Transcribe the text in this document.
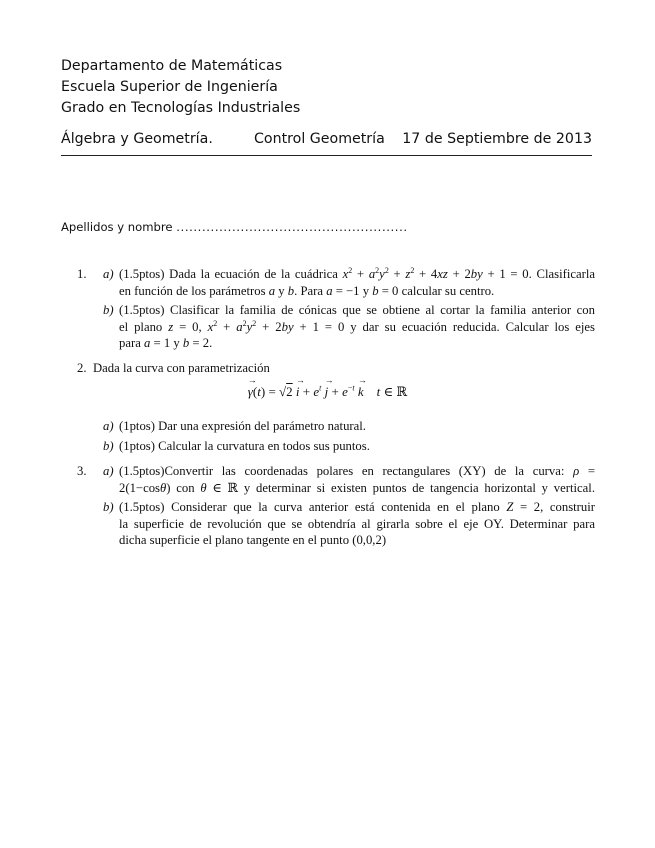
Departamento de Matemáticas
Escuela Superior de Ingeniería
Grado en Tecnologías Industriales
Álgebra y Geometría.	Control Geometría 17 de Septiembre de 2013
Apellidos y nombre ......................................................
1. a) (1.5ptos) Dada la ecuación de la cuádrica $x^2 + a^2y^2 + z^2 + 4xz + 2by + 1 = 0$. Clasificarla
en función de los parámetros a y b. Para a = −1 y b = 0 calcular su centro.
b) (1.5ptos) Clasificar la familia de cónicas que se obtiene al cortar la familia anterior con
el plano z = 0, $x^2 + a^2y^2 + 2by + 1 = 0$ y dar su ecuación reducida. Calcular los ejes
para a = 1 y b = 2.
2. Dada la curva con parametrización
→ $\gamma(t) = √2 \to i + e^t \to j + e^{-t} \to k$ t ∈ ℝ
a) (1ptos) Dar una expresión del parámetro natural.
b) (1ptos) Calcular la curvatura en todos sus puntos.
3. a) (1.5ptos)Convertir las coordenadas polares en rectangulares (XY) de la curva: ρ =
2(1−cosθ) con θ ∈ ℝ y determinar si existen puntos de tangencia horizontal y vertical.
b) (1.5ptos) Considerar que la curva anterior está contenida en el plano Z = 2, construir
la superficie de revolución que se obtendría al girarla sobre el eje OY. Determinar para
dicha superficie el plano tangente en el punto (0,0,2)
